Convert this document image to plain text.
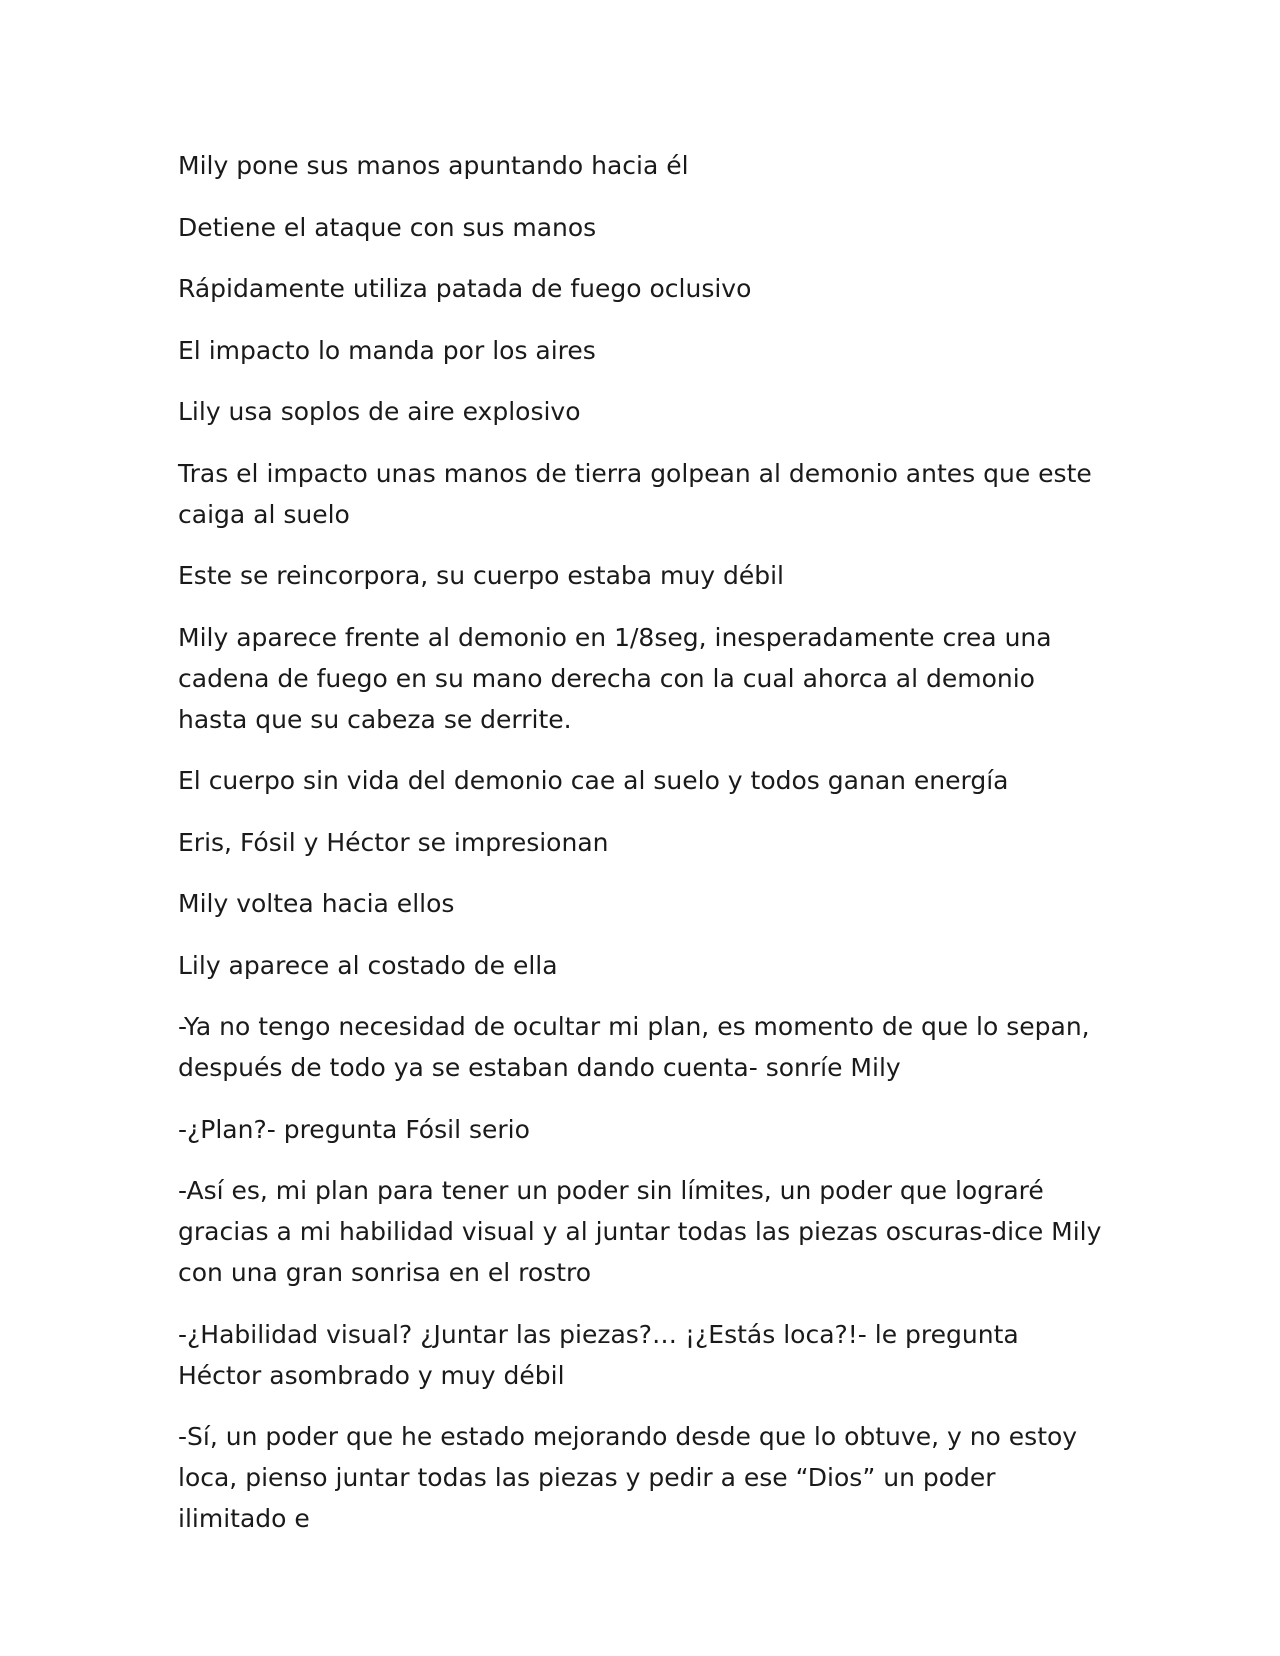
Mily pone sus manos apuntando hacia él

Detiene el ataque con sus manos

Rápidamente utiliza patada de fuego oclusivo

El impacto lo manda por los aires

Lily usa soplos de aire explosivo

Tras el impacto unas manos de tierra golpean al demonio antes que este caiga al suelo

Este se reincorpora, su cuerpo estaba muy débil

Mily aparece frente al demonio en 1/8seg, inesperadamente crea una cadena de fuego en su mano derecha con la cual ahorca al demonio hasta que su cabeza se derrite.

El cuerpo sin vida del demonio cae al suelo y todos ganan energía

Eris, Fósil y Héctor se impresionan

Mily voltea hacia ellos

Lily aparece al costado de ella

-Ya no tengo necesidad de ocultar mi plan, es momento de que lo sepan, después de todo ya se estaban dando cuenta- sonríe Mily

-¿Plan?- pregunta Fósil serio

-Así es, mi plan para tener un poder sin límites, un poder que lograré gracias a mi habilidad visual y al juntar todas las piezas oscuras-dice Mily con una gran sonrisa en el rostro

-¿Habilidad visual? ¿Juntar las piezas?… ¡¿Estás loca?!- le pregunta Héctor asombrado y muy débil

-Sí, un poder que he estado mejorando desde que lo obtuve, y no estoy loca, pienso juntar todas las piezas y pedir a ese “Dios” un poder ilimitado e
